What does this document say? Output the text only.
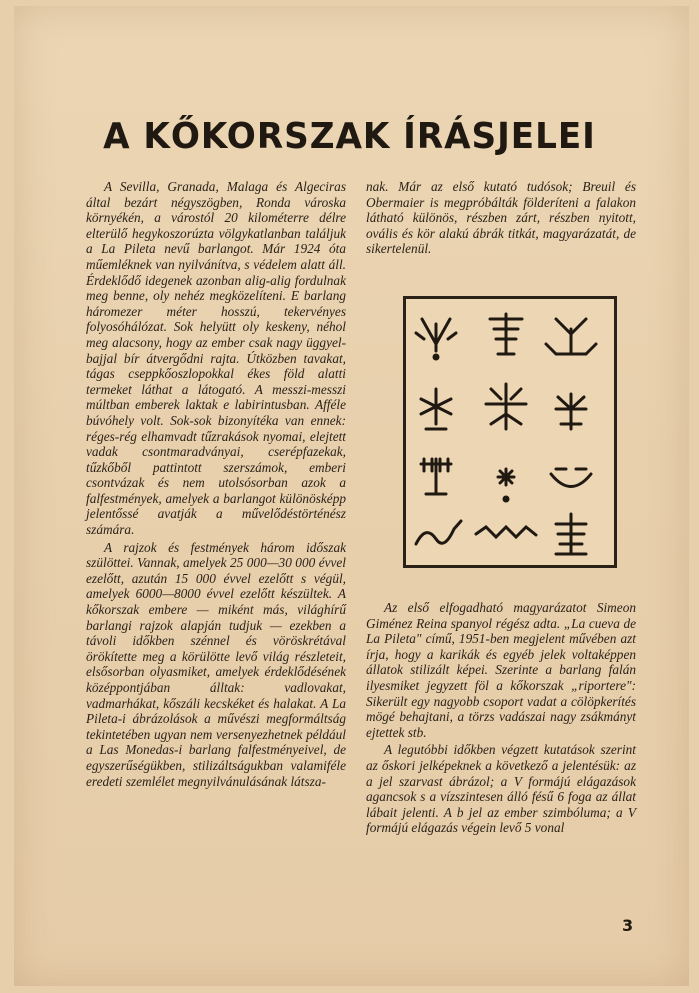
A KŐKORSZAK ÍRÁSJELEI

A Sevilla, Granada, Malaga és Algeciras által bezárt négyszögben, Ronda városka környékén, a várostól 20 kilométerre délre elterülő hegykoszorúzta völgykatlanban találjuk a La Pileta nevű barlangot. Már 1924 óta műemléknek van nyilvánítva, s védelem alatt áll. Érdeklődő idegenek azonban alig-alig fordulnak meg benne, oly nehéz megközelíteni. E barlang háromezer méter hosszú, tekervényes folyosóhálózat. Sok helyütt oly keskeny, néhol meg alacsony, hogy az ember csak nagy üggyel-bajjal bír átvergődni rajta. Útközben tavakat, tágas cseppkőoszlopokkal ékes föld alatti termeket láthat a látogató. A messzi-messzi múltban emberek laktak e labirintusban. Afféle búvóhely volt. Sok-sok bizonyítéka van ennek: réges-rég elhamvadt tűzrakások nyomai, elejtett vadak csontmaradványai, cserépfazekak, tűzkőből pattintott szerszámok, emberi csontvázak és nem utolsósorban azok a falfestmények, amelyek a barlangot különösképp jelentőssé avatják a művelődéstörténész számára.

A rajzok és festmények három időszak szülöttei. Vannak, amelyek 25 000—30 000 évvel ezelőtt, azután 15 000 évvel ezelőtt s végül, amelyek 6000—8000 évvel ezelőtt készültek. A kőkorszak embere — miként más, világhírű barlangi rajzok alapján tudjuk — ezekben a távoli időkben szénnel és vöröskrétával örökítette meg a körülötte levő világ részleteit, elsősorban olyasmiket, amelyek érdeklődésének középpontjában álltak: vadlovakat, vadmarhákat, kőszáli kecskéket és halakat. A La Pileta-i ábrázolások a művészi megformáltság tekintetében ugyan nem versenyezhetnek például a Las Monedas-i barlang falfestményeivel, de egyszerűségükben, stilizáltságukban valamiféle eredeti szemlélet megnyilvánulásának látsza-

nak. Már az első kutató tudósok; Breuil és Obermaier is megpróbálták földeríteni a falakon látható különös, részben zárt, részben nyitott, ovális és kör alakú ábrák titkát, magyarázatát, de sikertelenül.

Az első elfogadható magyarázatot Simeon Giménez Reina spanyol régész adta. „La cueva de La Pileta" című, 1951-ben megjelent művében azt írja, hogy a karikák és egyéb jelek voltaképpen állatok stilizált képei. Szerinte a barlang falán ilyesmiket jegyzett föl a kőkorszak „riportere": Sikerült egy nagyobb csoport vadat a cölöpkerítés mögé behajtani, a törzs vadászai nagy zsákmányt ejtettek stb.

A legutóbbi időkben végzett kutatások szerint az őskori jelképeknek a következő a jelentésük: az a jel szarvast ábrázol; a V formájú elágazások agancsok s a vízszintesen álló fésű 6 foga az állat lábait jelenti. A b jel az ember szimbóluma; a V formájú elágazás végein levő 5 vonal

3
